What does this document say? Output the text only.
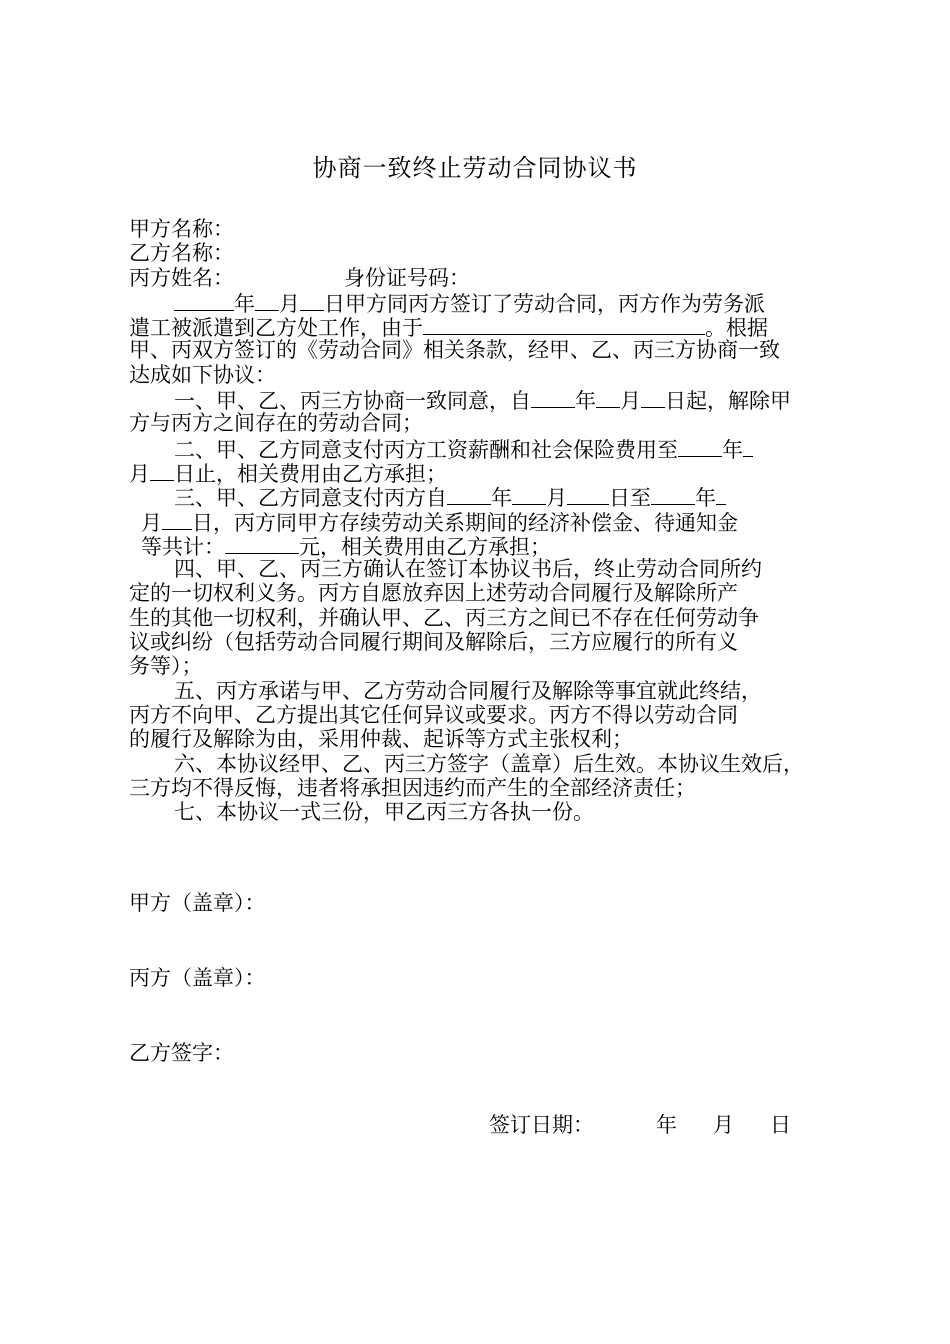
协商一致终止劳动合同协议书
甲方名称：
乙方名称：
丙方姓名：	身份证号码：
年 月 日甲方同丙方签订了劳动合同，丙方作为劳务派
遣工被派遣到乙方处工作，由于	。根据
甲、丙双方签订的《劳动合同》相关条款，经甲、乙、丙三方协商一致
达成如下协议：
一、甲、乙、丙三方协商一致同意，自 年 月 日起，解除甲
方与丙方之间存在的劳动合同；
二、甲、乙方同意支付丙方工资薪酬和社会保险费用至 年
月 日止，相关费用由乙方承担；
三、甲、乙方同意支付丙方自 年 月 日至 年
月 日，丙方同甲方存续劳动关系期间的经济补偿金、待通知金
等共计：	元，相关费用由乙方承担；
四、甲、乙、丙三方确认在签订本协议书后，终止劳动合同所约
定的一切权利义务。丙方自愿放弃因上述劳动合同履行及解除所产
生的其他一切权利，并确认甲、乙、丙三方之间已不存在任何劳动争
议或纠纷（包括劳动合同履行期间及解除后，三方应履行的所有义
务等）；
五、丙方承诺与甲、乙方劳动合同履行及解除等事宜就此终结，
丙方不向甲、乙方提出其它任何异议或要求。丙方不得以劳动合同
的履行及解除为由，采用仲裁、起诉等方式主张权利；
六、本协议经甲、乙、丙三方签字（盖章）后生效。本协议生效后，
三方均不得反悔，违者将承担因违约而产生的全部经济责任；
七、本协议一式三份，甲乙丙三方各执一份。
甲方（盖章）：
丙方（盖章）：
乙方签字：
签订日期：	年 月 日
